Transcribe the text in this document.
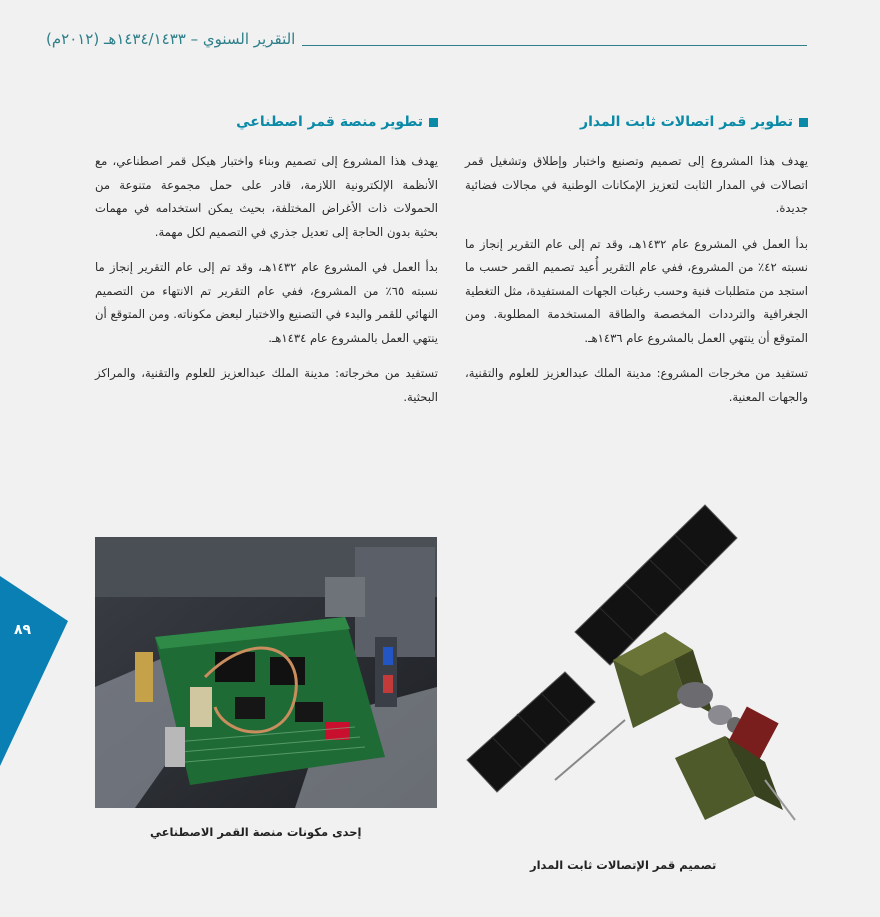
التقرير السنوي – ١٤٣٤/١٤٣٣هـ (٢٠١٢م)
تطوير قمر اتصالات ثابت المدار

يهدف هذا المشروع إلى تصميم وتصنيع واختبار وإطلاق وتشغيل قمر اتصالات في المدار الثابت لتعزيز الإمكانات الوطنية في مجالات فضائية جديدة.

بدأ العمل في المشروع عام ١٤٣٢هـ، وقد تم إلى عام التقرير إنجاز ما نسبته ٤٢٪ من المشروع، ففي عام التقرير أُعيد تصميم القمر حسب ما استجد من متطلبات فنية وحسب رغبات الجهات المستفيدة، مثل التغطية الجغرافية والترددات المخصصة والطاقة المستخدمة المطلوبة. ومن المتوقع أن ينتهي العمل بالمشروع عام ١٤٣٦هـ.

تستفيد من مخرجات المشروع: مدينة الملك عبدالعزيز للعلوم والتقنية، والجهات المعنية.

تطوير منصة قمر اصطناعي

يهدف هذا المشروع إلى تصميم وبناء واختبار هيكل قمر اصطناعي، مع الأنظمة الإلكترونية اللازمة، قادر على حمل مجموعة متنوعة من الحمولات ذات الأغراض المختلفة، بحيث يمكن استخدامه في مهمات بحثية بدون الحاجة إلى تعديل جذري في التصميم لكل مهمة.

بدأ العمل في المشروع عام ١٤٣٢هـ، وقد تم إلى عام التقرير إنجاز ما نسبته ٦٥٪ من المشروع، ففي عام التقرير تم الانتهاء من التصميم النهائي للقمر والبدء في التصنيع والاختبار لبعض مكوناته. ومن المتوقع أن ينتهي العمل بالمشروع عام ١٤٣٤هـ.

تستفيد من مخرجاته: مدينة الملك عبدالعزيز للعلوم والتقنية، والمراكز البحثية.

إحدى مكونات منصة القمر الاصطناعي
تصميم قمر الإتصالات ثابت المدار
٨٩
